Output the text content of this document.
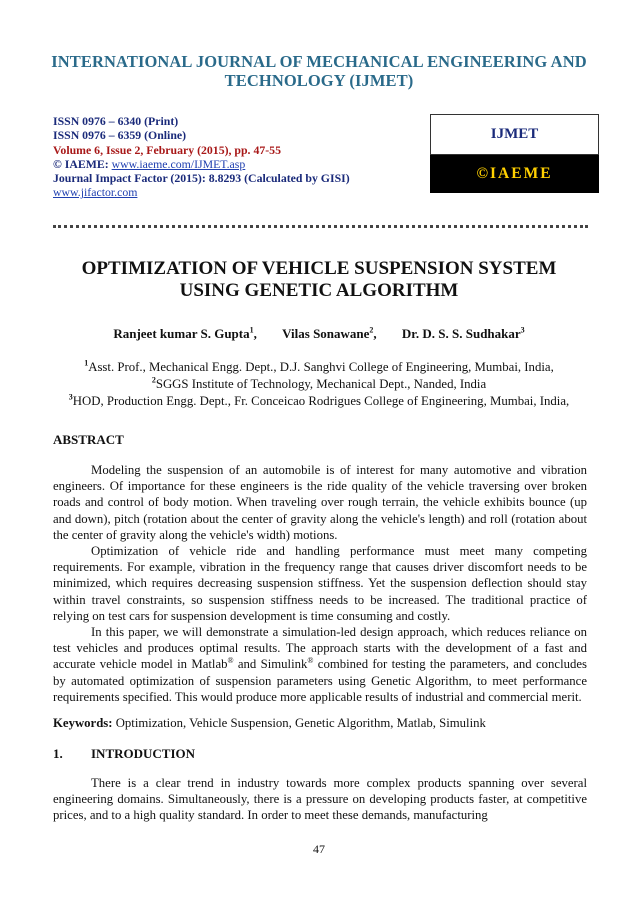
INTERNATIONAL JOURNAL OF MECHANICAL ENGINEERING AND
TECHNOLOGY (IJMET)
ISSN 0976 – 6340 (Print)
ISSN 0976 – 6359 (Online)
Volume 6, Issue 2, February (2015), pp. 47-55
© IAEME: www.iaeme.com/IJMET.asp
Journal Impact Factor (2015): 8.8293 (Calculated by GISI)
www.jifactor.com
IJMET
©IAEME
OPTIMIZATION OF VEHICLE SUSPENSION SYSTEM
USING GENETIC ALGORITHM
Ranjeet kumar S. Gupta$^1$, Vilas Sonawane$^2$, Dr. D. S. S. Sudhakar$^3$
$^1$Asst. Prof., Mechanical Engg. Dept., D.J. Sanghvi College of Engineering, Mumbai, India,
$^2$SGGS Institute of Technology, Mechanical Dept., Nanded, India
$^3$HOD, Production Engg. Dept., Fr. Conceicao Rodrigues College of Engineering, Mumbai, India,
ABSTRACT

Modeling the suspension of an automobile is of interest for many automotive and vibration engineers. Of importance for these engineers is the ride quality of the vehicle traversing over broken roads and control of body motion. When traveling over rough terrain, the vehicle exhibits bounce (up and down), pitch (rotation about the center of gravity along the vehicle's length) and roll (rotation about the center of gravity along the vehicle's width) motions.

Optimization of vehicle ride and handling performance must meet many competing requirements. For example, vibration in the frequency range that causes driver discomfort needs to be minimized, which requires decreasing suspension stiffness. Yet the suspension deflection should stay within travel constraints, so suspension stiffness needs to be increased. The traditional practice of relying on test cars for suspension development is time consuming and costly.

In this paper, we will demonstrate a simulation-led design approach, which reduces reliance on test vehicles and produces optimal results. The approach starts with the development of a fast and accurate vehicle model in Matlab® and Simulink® combined for testing the parameters, and concludes by automated optimization of suspension parameters using Genetic Algorithm, to meet performance requirements specified. This would produce more applicable results of industrial and commercial merit.

Keywords: Optimization, Vehicle Suspension, Genetic Algorithm, Matlab, Simulink
1. INTRODUCTION

There is a clear trend in industry towards more complex products spanning over several engineering domains. Simultaneously, there is a pressure on developing products faster, at competitive prices, and to a high quality standard. In order to meet these demands, manufacturing

47
